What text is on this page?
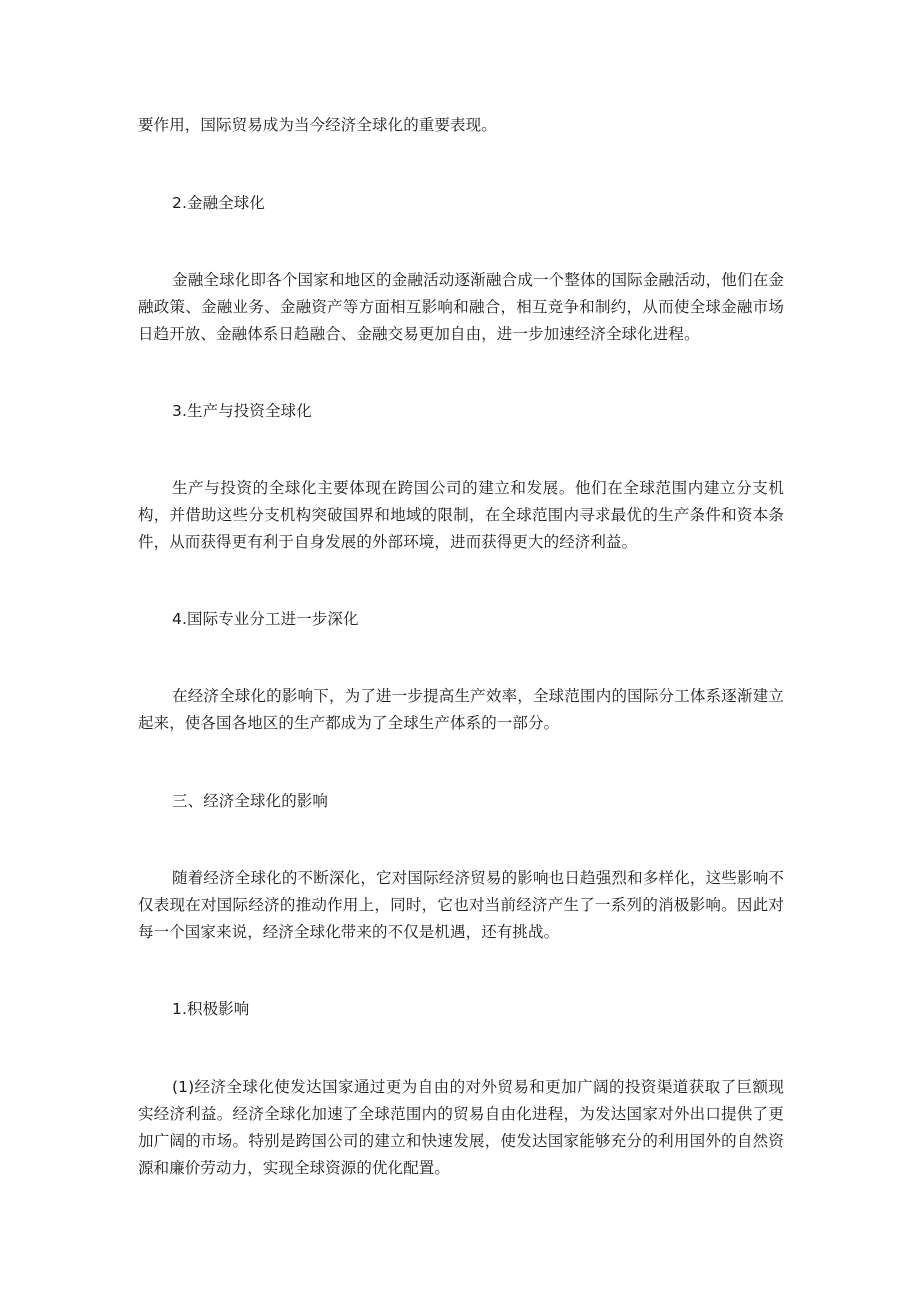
要作用，国际贸易成为当今经济全球化的重要表现。

2.金融全球化

金融全球化即各个国家和地区的金融活动逐渐融合成一个整体的国际金融活动，他们在金融政策、金融业务、金融资产等方面相互影响和融合，相互竞争和制约，从而使全球金融市场日趋开放、金融体系日趋融合、金融交易更加自由，进一步加速经济全球化进程。

3.生产与投资全球化

生产与投资的全球化主要体现在跨国公司的建立和发展。他们在全球范围内建立分支机构，并借助这些分支机构突破国界和地域的限制，在全球范围内寻求最优的生产条件和资本条件，从而获得更有利于自身发展的外部环境，进而获得更大的经济利益。

4.国际专业分工进一步深化

在经济全球化的影响下，为了进一步提高生产效率，全球范围内的国际分工体系逐渐建立起来，使各国各地区的生产都成为了全球生产体系的一部分。

三、经济全球化的影响

随着经济全球化的不断深化，它对国际经济贸易的影响也日趋强烈和多样化，这些影响不仅表现在对国际经济的推动作用上，同时，它也对当前经济产生了一系列的消极影响。因此对每一个国家来说，经济全球化带来的不仅是机遇，还有挑战。

1.积极影响

(1)经济全球化使发达国家通过更为自由的对外贸易和更加广阔的投资渠道获取了巨额现实经济利益。经济全球化加速了全球范围内的贸易自由化进程，为发达国家对外出口提供了更加广阔的市场。特别是跨国公司的建立和快速发展，使发达国家能够充分的利用国外的自然资源和廉价劳动力，实现全球资源的优化配置。
